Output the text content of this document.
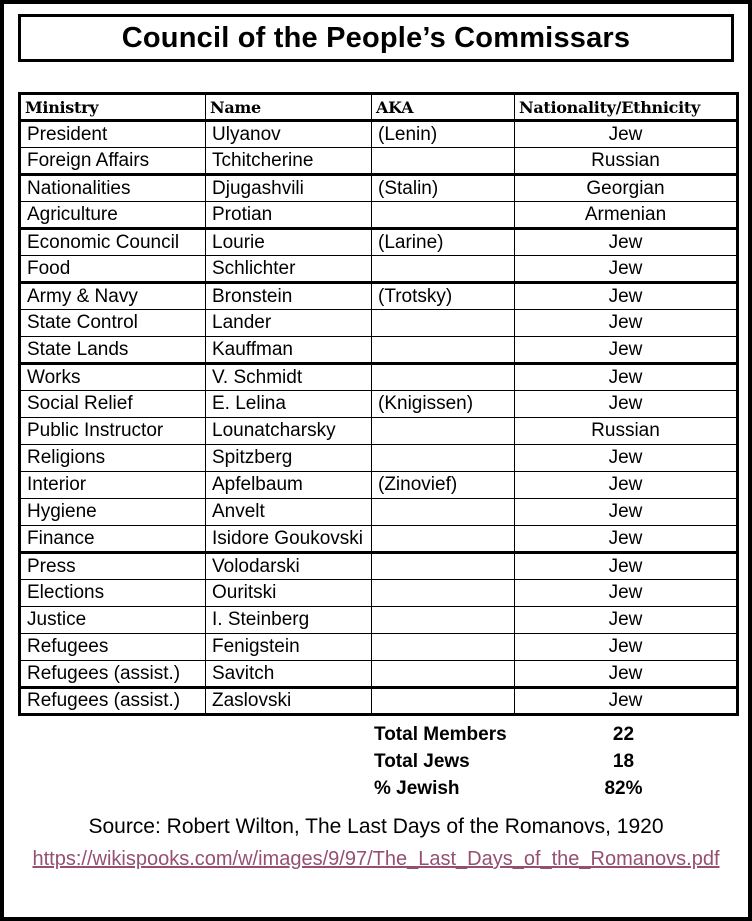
Council of the People’s Commissars
Ministry	Name	AKA	Nationality/Ethnicity
President	Ulyanov	(Lenin)	Jew
Foreign Affairs	Tchitcherine		Russian
Nationalities	Djugashvili	(Stalin)	Georgian
Agriculture	Protian		Armenian
Economic Council	Lourie	(Larine)	Jew
Food	Schlichter		Jew
Army & Navy	Bronstein	(Trotsky)	Jew
State Control	Lander		Jew
State Lands	Kauffman		Jew
Works	V. Schmidt		Jew
Social Relief	E. Lelina	(Knigissen)	Jew
Public Instructor	Lounatcharsky		Russian
Religions	Spitzberg		Jew
Interior	Apfelbaum	(Zinovief)	Jew
Hygiene	Anvelt		Jew
Finance	Isidore Goukovski		Jew
Press	Volodarski		Jew
Elections	Ouritski		Jew
Justice	I. Steinberg		Jew
Refugees	Fenigstein		Jew
Refugees (assist.)	Savitch		Jew
Refugees (assist.)	Zaslovski		Jew
Total Members	22
Total Jews	18
% Jewish	82%
Source: Robert Wilton, The Last Days of the Romanovs, 1920
https://wikispooks.com/w/images/9/97/The_Last_Days_of_the_Romanovs.pdf
